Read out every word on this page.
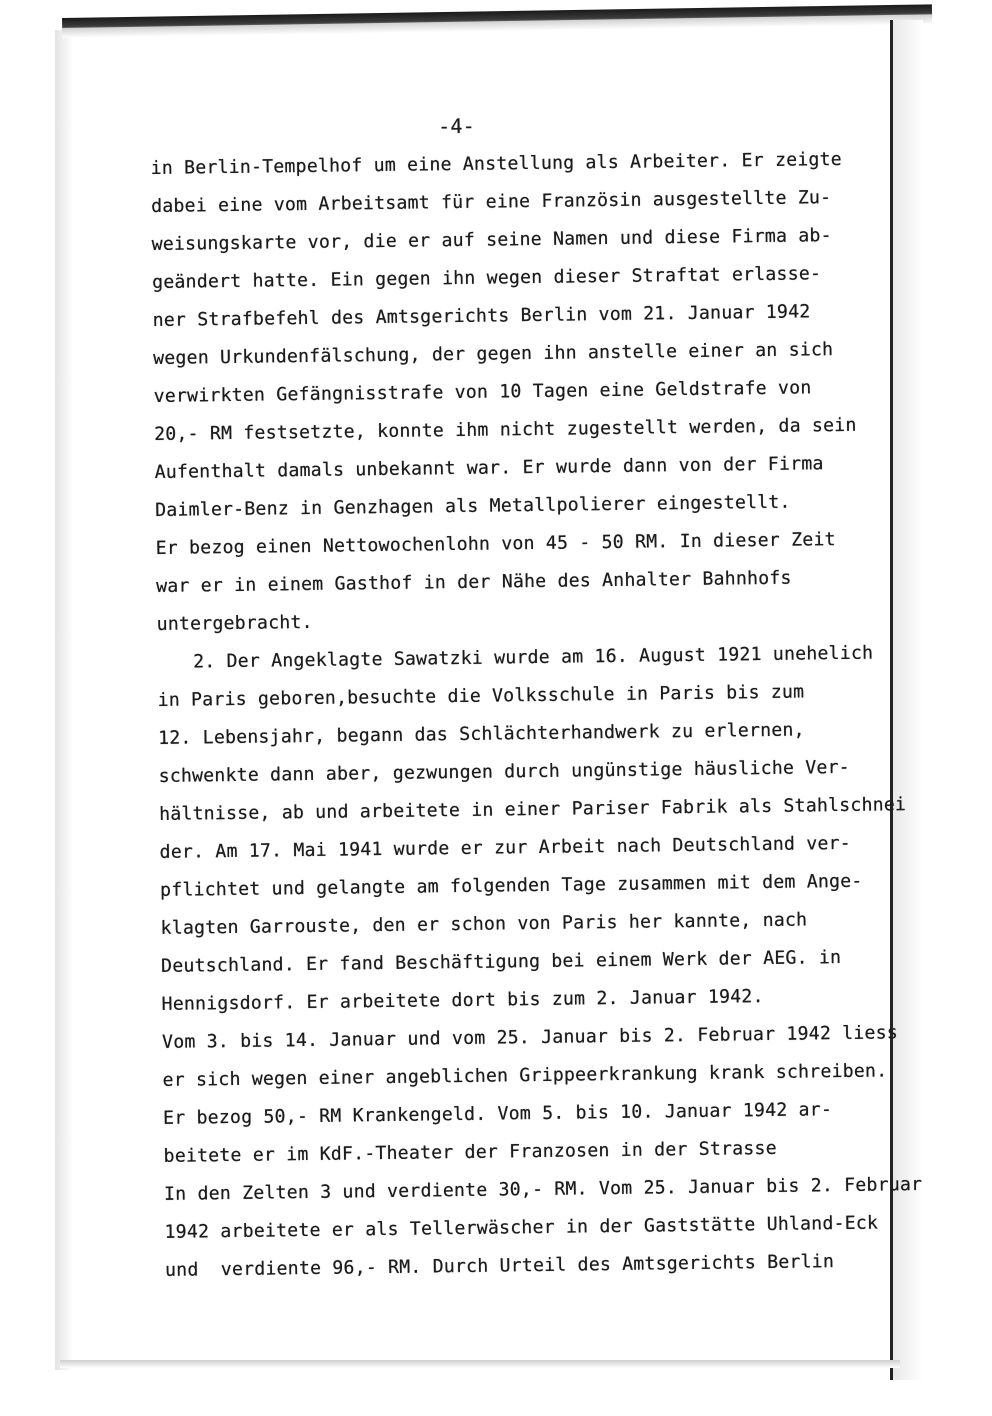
-4-
in Berlin-Tempelhof um eine Anstellung als Arbeiter. Er zeigte
dabei eine vom Arbeitsamt für eine Französin ausgestellte Zu-
weisungskarte vor, die er auf seine Namen und diese Firma ab-
geändert hatte. Ein gegen ihn wegen dieser Straftat erlasse-
ner Strafbefehl des Amtsgerichts Berlin vom 21. Januar 1942
wegen Urkundenfälschung, der gegen ihn anstelle einer an sich
verwirkten Gefängnisstrafe von 10 Tagen eine Geldstrafe von
20,- RM festsetzte, konnte ihm nicht zugestellt werden, da sein
Aufenthalt damals unbekannt war. Er wurde dann von der Firma
Daimler-Benz in Genzhagen als Metallpolierer eingestellt.
Er bezog einen Nettowochenlohn von 45 - 50 RM. In dieser Zeit
war er in einem Gasthof in der Nähe des Anhalter Bahnhofs
untergebracht.
2. Der Angeklagte Sawatzki wurde am 16. August 1921 unehelich
in Paris geboren,besuchte die Volksschule in Paris bis zum
12. Lebensjahr, begann das Schlächterhandwerk zu erlernen,
schwenkte dann aber, gezwungen durch ungünstige häusliche Ver-
hältnisse, ab und arbeitete in einer Pariser Fabrik als Stahlschnei
der. Am 17. Mai 1941 wurde er zur Arbeit nach Deutschland ver-
pflichtet und gelangte am folgenden Tage zusammen mit dem Ange-
klagten Garrouste, den er schon von Paris her kannte, nach
Deutschland. Er fand Beschäftigung bei einem Werk der AEG. in
Hennigsdorf. Er arbeitete dort bis zum 2. Januar 1942.
Vom 3. bis 14. Januar und vom 25. Januar bis 2. Februar 1942 liess
er sich wegen einer angeblichen Grippeerkrankung krank schreiben.
Er bezog 50,- RM Krankengeld. Vom 5. bis 10. Januar 1942 ar-
beitete er im KdF.-Theater der Franzosen in der Strasse
In den Zelten 3 und verdiente 30,- RM. Vom 25. Januar bis 2. Februar
1942 arbeitete er als Tellerwäscher in der Gaststätte Uhland-Eck
und  verdiente 96,- RM. Durch Urteil des Amtsgerichts Berlin
